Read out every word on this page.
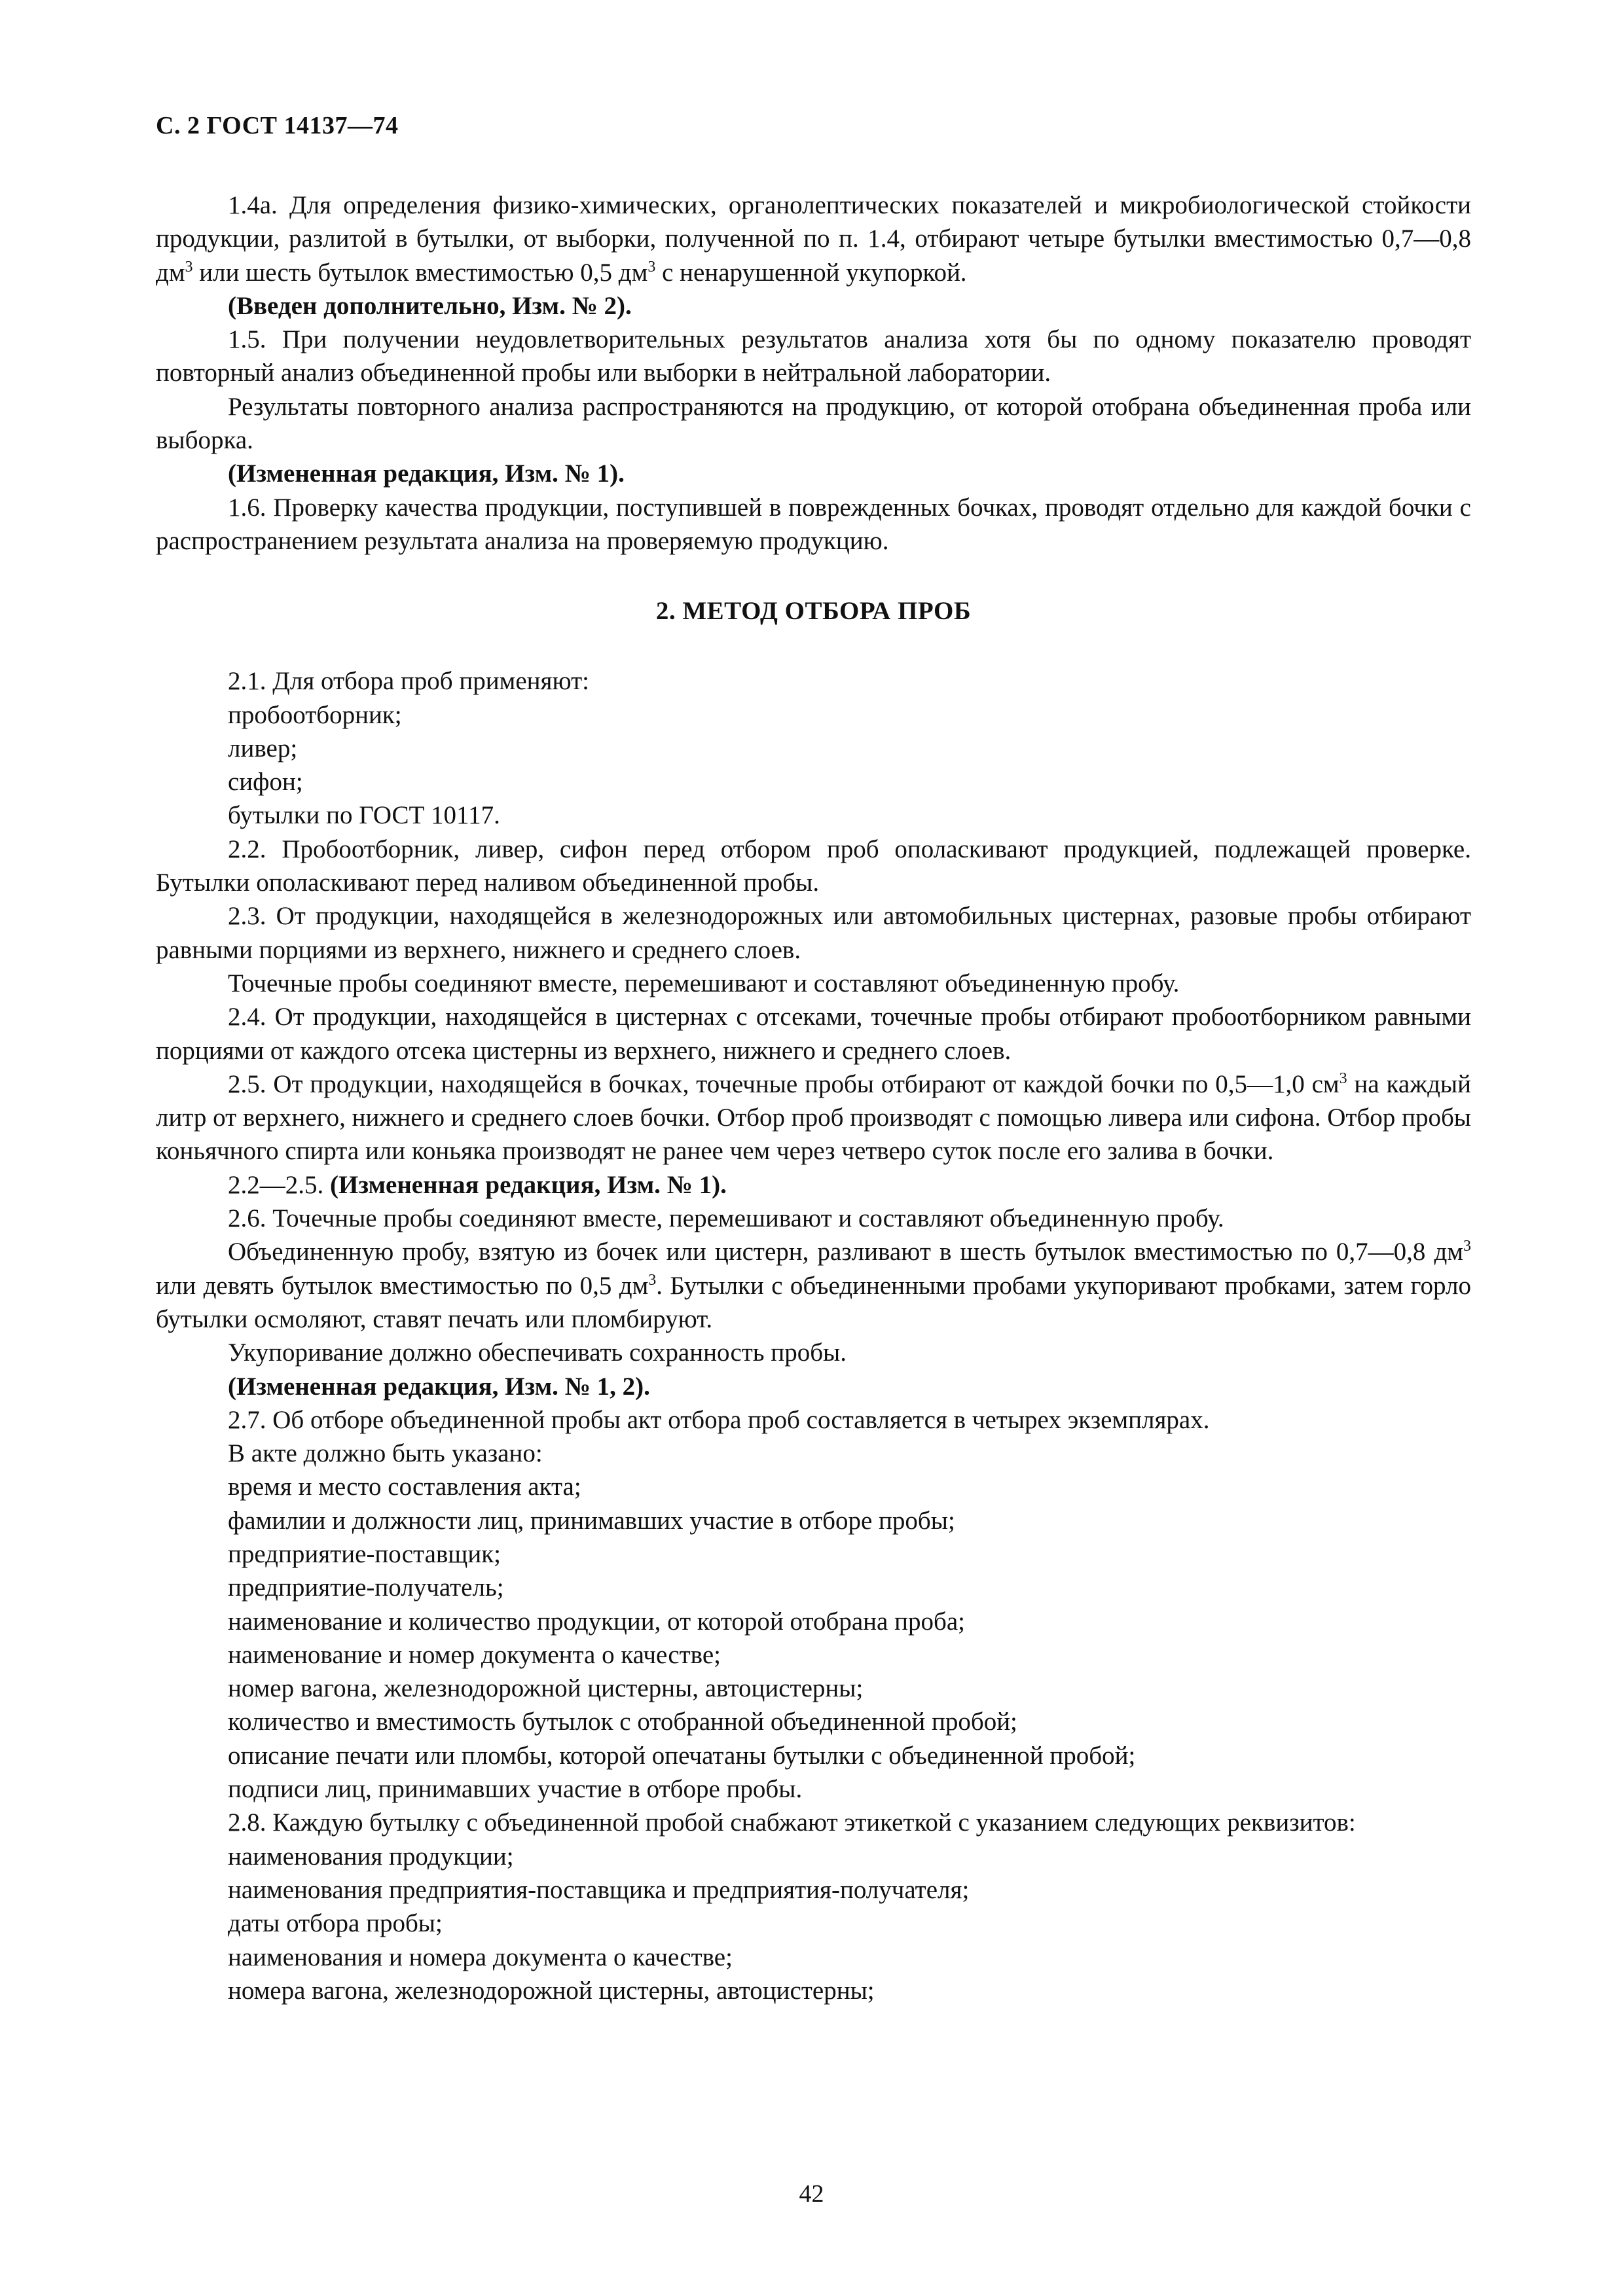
С. 2 ГОСТ 14137—74

1.4а. Для определения физико-химических, органолептических показателей и микробиологической стойкости продукции, разлитой в бутылки, от выборки, полученной по п. 1.4, отбирают четыре бутылки вместимостью 0,7—0,8 $дм^3$ или шесть бутылок вместимостью 0,5 $дм^3$ с ненарушенной укупоркой.

(Введен дополнительно, Изм. № 2).

1.5. При получении неудовлетворительных результатов анализа хотя бы по одному показателю проводят повторный анализ объединенной пробы или выборки в нейтральной лаборатории.

Результаты повторного анализа распространяются на продукцию, от которой отобрана объединенная проба или выборка.

(Измененная редакция, Изм. № 1).

1.6. Проверку качества продукции, поступившей в поврежденных бочках, проводят отдельно для каждой бочки с распространением результата анализа на проверяемую продукцию.

2. МЕТОД ОТБОРА ПРОБ

2.1. Для отбора проб применяют:

пробоотборник;

ливер;

сифон;

бутылки по ГОСТ 10117.

2.2. Пробоотборник, ливер, сифон перед отбором проб ополаскивают продукцией, подлежащей проверке. Бутылки ополаскивают перед наливом объединенной пробы.

2.3. От продукции, находящейся в железнодорожных или автомобильных цистернах, разовые пробы отбирают равными порциями из верхнего, нижнего и среднего слоев.

Точечные пробы соединяют вместе, перемешивают и составляют объединенную пробу.

2.4. От продукции, находящейся в цистернах с отсеками, точечные пробы отбирают пробоотборником равными порциями от каждого отсека цистерны из верхнего, нижнего и среднего слоев.

2.5. От продукции, находящейся в бочках, точечные пробы отбирают от каждой бочки по 0,5—1,0 $см^3$ на каждый литр от верхнего, нижнего и среднего слоев бочки. Отбор проб производят с помощью ливера или сифона. Отбор пробы коньячного спирта или коньяка производят не ранее чем через четверо суток после его залива в бочки.

2.2—2.5. (Измененная редакция, Изм. № 1).

2.6. Точечные пробы соединяют вместе, перемешивают и составляют объединенную пробу.

Объединенную пробу, взятую из бочек или цистерн, разливают в шесть бутылок вместимостью по 0,7—0,8 $дм^3$ или девять бутылок вместимостью по 0,5 $дм^3$. Бутылки с объединенными пробами укупоривают пробками, затем горло бутылки осмоляют, ставят печать или пломбируют.

Укупоривание должно обеспечивать сохранность пробы.

(Измененная редакция, Изм. № 1, 2).

2.7. Об отборе объединенной пробы акт отбора проб составляется в четырех экземплярах.

В акте должно быть указано:

время и место составления акта;

фамилии и должности лиц, принимавших участие в отборе пробы;

предприятие-поставщик;

предприятие-получатель;

наименование и количество продукции, от которой отобрана проба;

наименование и номер документа о качестве;

номер вагона, железнодорожной цистерны, автоцистерны;

количество и вместимость бутылок с отобранной объединенной пробой;

описание печати или пломбы, которой опечатаны бутылки с объединенной пробой;

подписи лиц, принимавших участие в отборе пробы.

2.8. Каждую бутылку с объединенной пробой снабжают этикеткой с указанием следующих реквизитов:

наименования продукции;

наименования предприятия-поставщика и предприятия-получателя;

даты отбора пробы;

наименования и номера документа о качестве;

номера вагона, железнодорожной цистерны, автоцистерны;

42
